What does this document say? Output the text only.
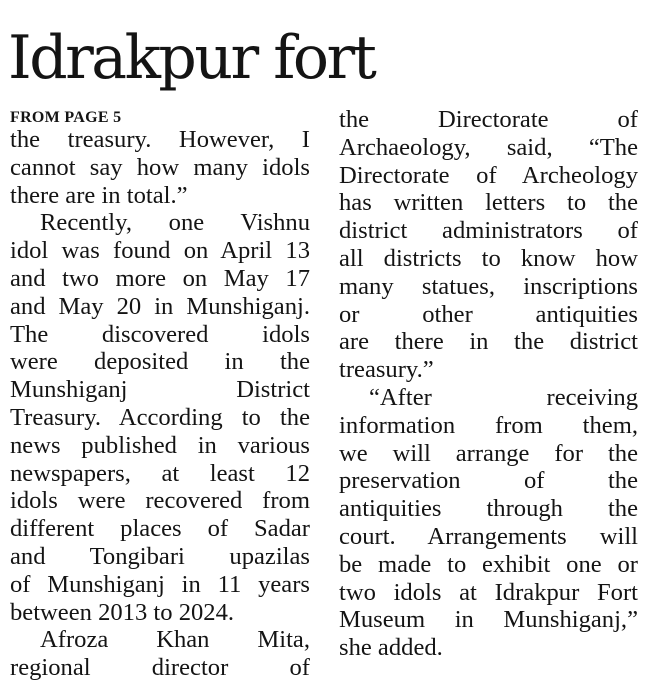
Idrakpur fort
FROM PAGE 5
the treasury. However, I
cannot say how many idols
there are in total.”
Recently, one Vishnu
idol was found on April 13
and two more on May 17
and May 20 in Munshiganj.
The discovered idols
were deposited in the
Munshiganj District
Treasury. According to the
news published in various
newspapers, at least 12
idols were recovered from
different places of Sadar
and Tongibari upazilas
of Munshiganj in 11 years
between 2013 to 2024.
Afroza Khan Mita,
regional director of
the Directorate of
Archaeology, said, “The
Directorate of Archeology
has written letters to the
district administrators of
all districts to know how
many statues, inscriptions
or other antiquities
are there in the district
treasury.”
“After receiving
information from them,
we will arrange for the
preservation of the
antiquities through the
court. Arrangements will
be made to exhibit one or
two idols at Idrakpur Fort
Museum in Munshiganj,”
she added.
